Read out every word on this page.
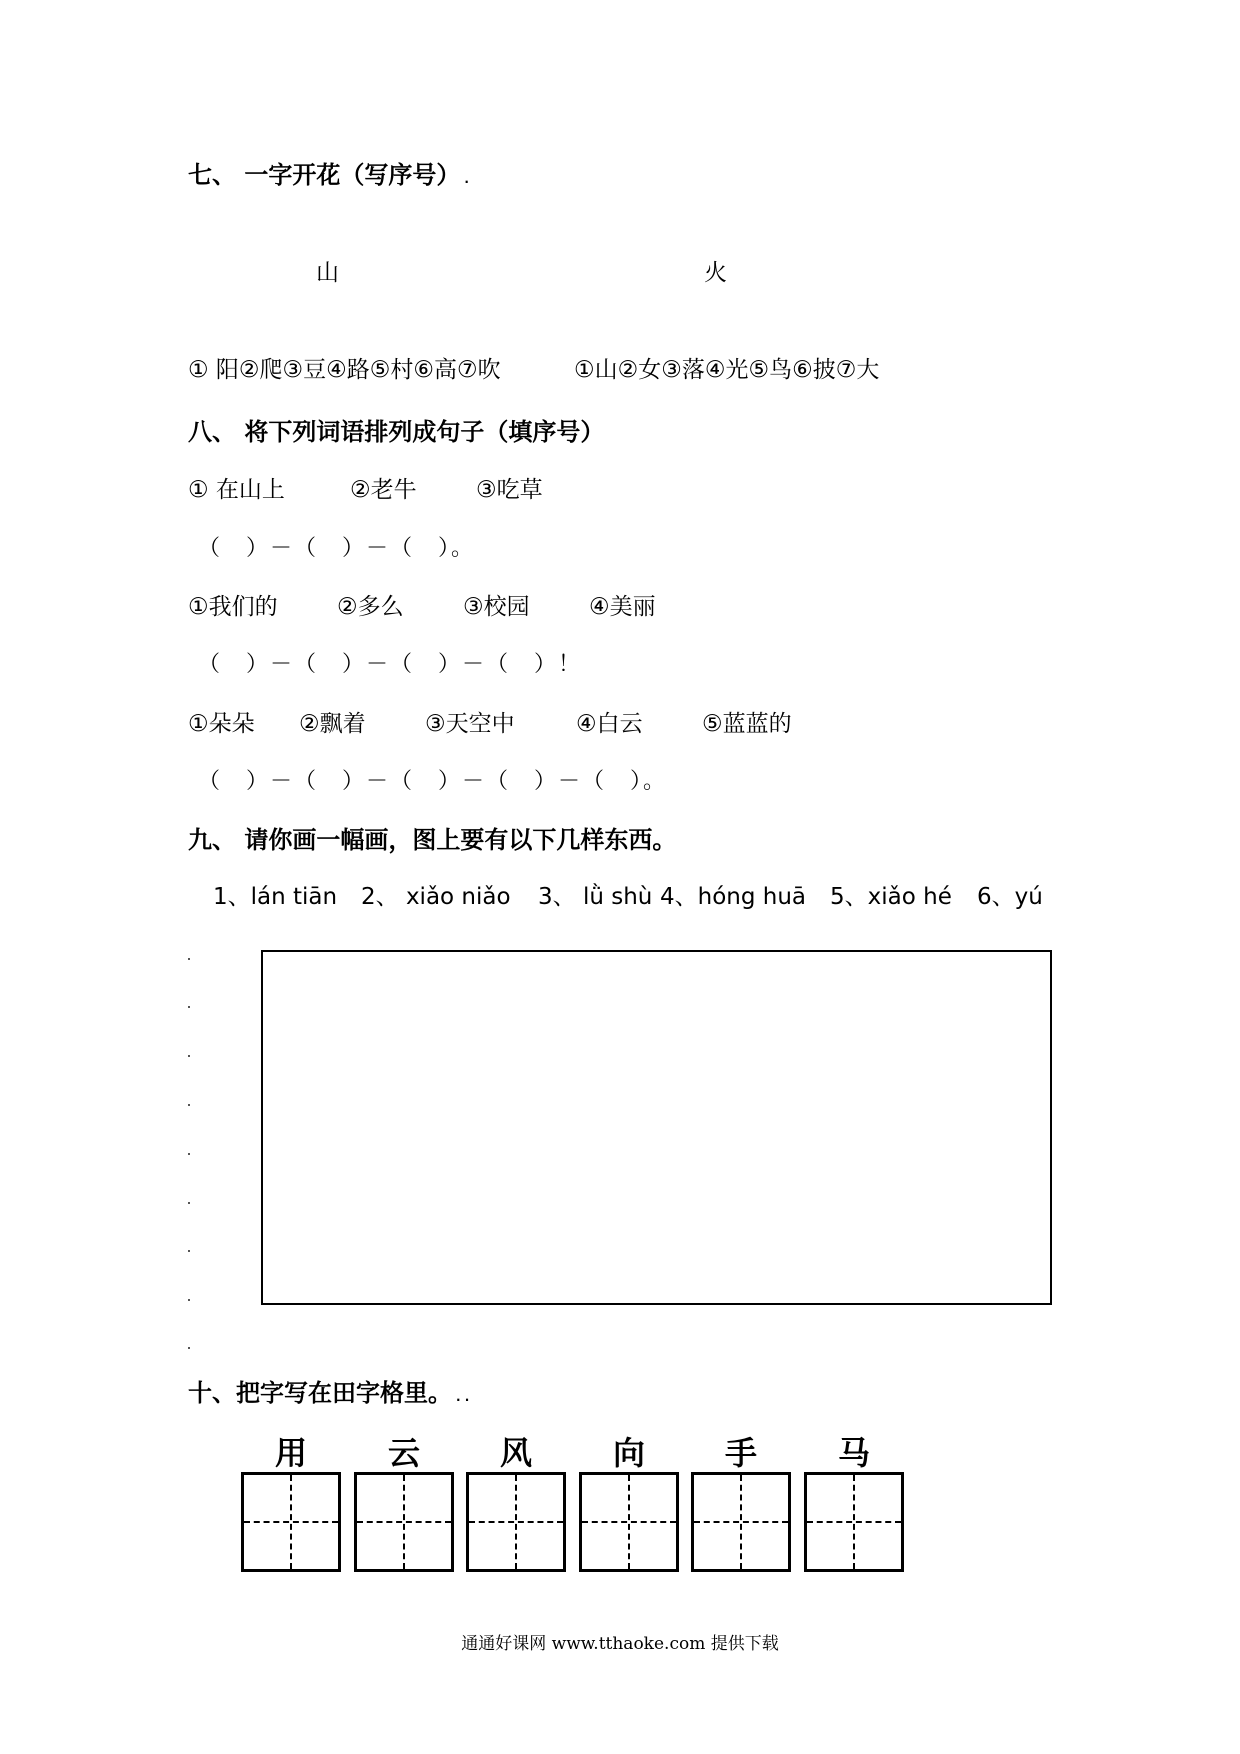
七、 一字开花（写序号） .
山	火
① 阳②爬③豆④路⑤村⑥高⑦吹	①山②女③落④光⑤鸟⑥披⑦大
八、 将下列词语排列成句子（填序号）
① 在山上	②老牛	③吃草
（　）－（　）－（　）。
①我们的	②多么	③校园	④美丽
（　）－（　）－（　）－（　）！
①朵朵 ②飘着	③天空中	④白云	⑤蓝蓝的
（　）－（　）－（　）－（　）－（　）。
九、 请你画一幅画，图上要有以下几样东西。
1、lán tiān 2、 xiǎo niǎo 3、 lǜ shù 4、hóng huā 5、xiǎo hé 6、yú
十、把字写在田字格里。 . .
用	云	风	向	手	马
通通好课网 www.tthaoke.com 提供下载
